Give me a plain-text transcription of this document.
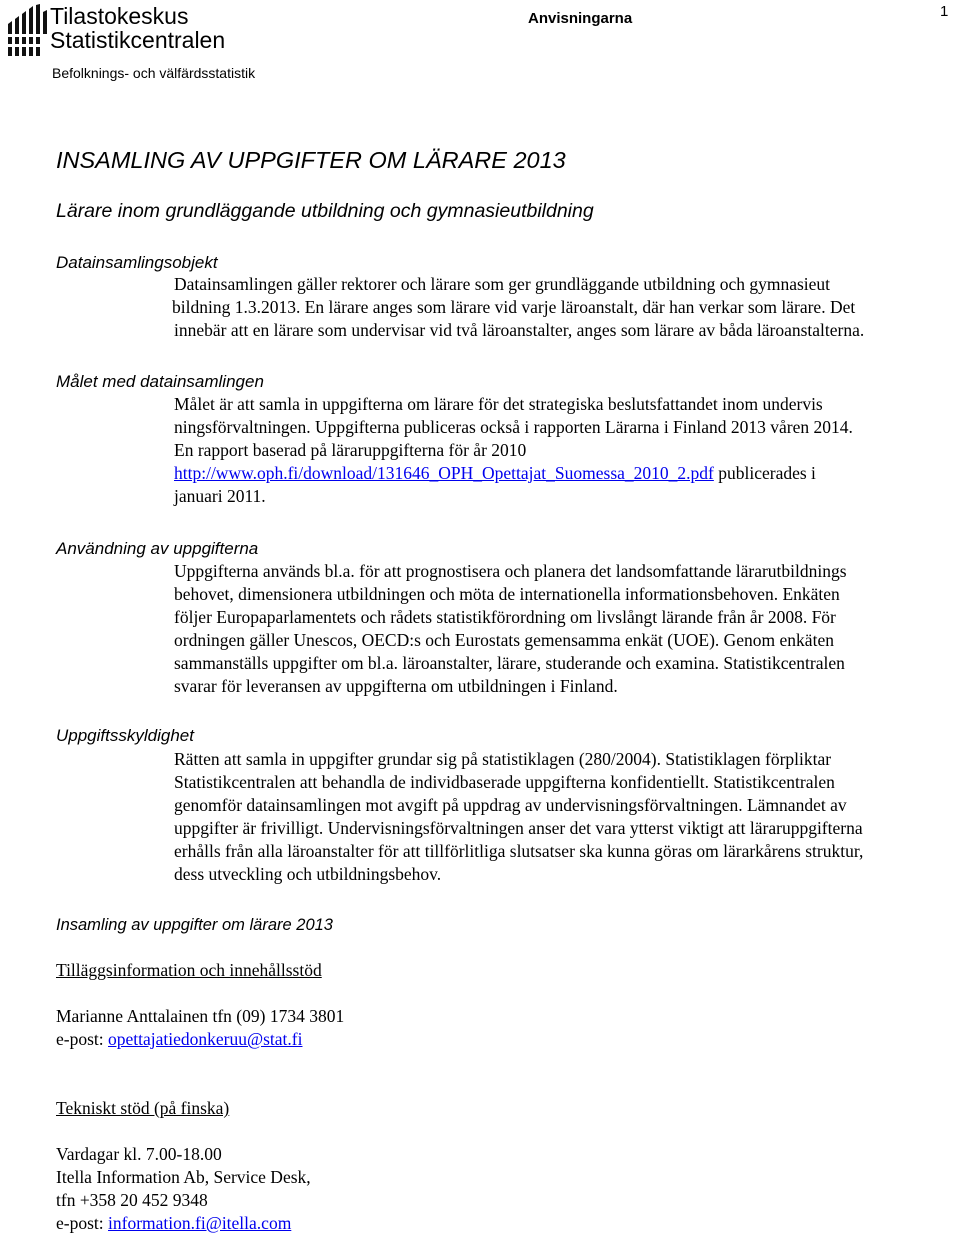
Tilastokeskus
Statistikcentralen
Befolknings- och välfärdsstatistik
Anvisningarna	1
INSAMLING AV UPPGIFTER OM LÄRARE 2013
Lärare inom grundläggande utbildning och gymnasieutbildning
Datainsamlingsobjekt
Datainsamlingen gäller rektorer och lärare som ger grundläggande utbildning och gymnasieut
bildning 1.3.2013. En lärare anges som lärare vid varje läroanstalt, där han verkar som lärare. Det
innebär att en lärare som undervisar vid två läroanstalter, anges som lärare av båda läroanstalterna.
Målet med datainsamlingen
Målet är att samla in uppgifterna om lärare för det strategiska beslutsfattandet inom undervis
ningsförvaltningen. Uppgifterna publiceras också i rapporten Lärarna i Finland 2013 våren 2014.
En rapport baserad på läraruppgifterna för år 2010
http://www.oph.fi/download/131646_OPH_Opettajat_Suomessa_2010_2.pdf publicerades i
januari 2011.
Användning av uppgifterna
Uppgifterna används bl.a. för att prognostisera och planera det landsomfattande lärarutbildnings
behovet, dimensionera utbildningen och möta de internationella informationsbehoven. Enkäten
följer Europaparlamentets och rådets statistikförordning om livslångt lärande från år 2008. För
ordningen gäller Unescos, OECD:s och Eurostats gemensamma enkät (UOE). Genom enkäten
sammanställs uppgifter om bl.a. läroanstalter, lärare, studerande och examina. Statistikcentralen
svarar för leveransen av uppgifterna om utbildningen i Finland.
Uppgiftsskyldighet
Rätten att samla in uppgifter grundar sig på statistiklagen (280/2004). Statistiklagen förpliktar
Statistikcentralen att behandla de individbaserade uppgifterna konfidentiellt. Statistikcentralen
genomför datainsamlingen mot avgift på uppdrag av undervisningsförvaltningen. Lämnandet av
uppgifter är frivilligt. Undervisningsförvaltningen anser det vara ytterst viktigt att läraruppgifterna
erhålls från alla läroanstalter för att tillförlitliga slutsatser ska kunna göras om lärarkårens struktur,
dess utveckling och utbildningsbehov.
Insamling av uppgifter om lärare 2013
Tilläggsinformation och innehållsstöd
Marianne Anttalainen tfn (09) 1734 3801
e-post: opettajatiedonkeruu@stat.fi
Tekniskt stöd (på finska)
Vardagar kl. 7.00-18.00
Itella Information Ab, Service Desk,
tfn +358 20 452 9348
e-post: information.fi@itella.com
